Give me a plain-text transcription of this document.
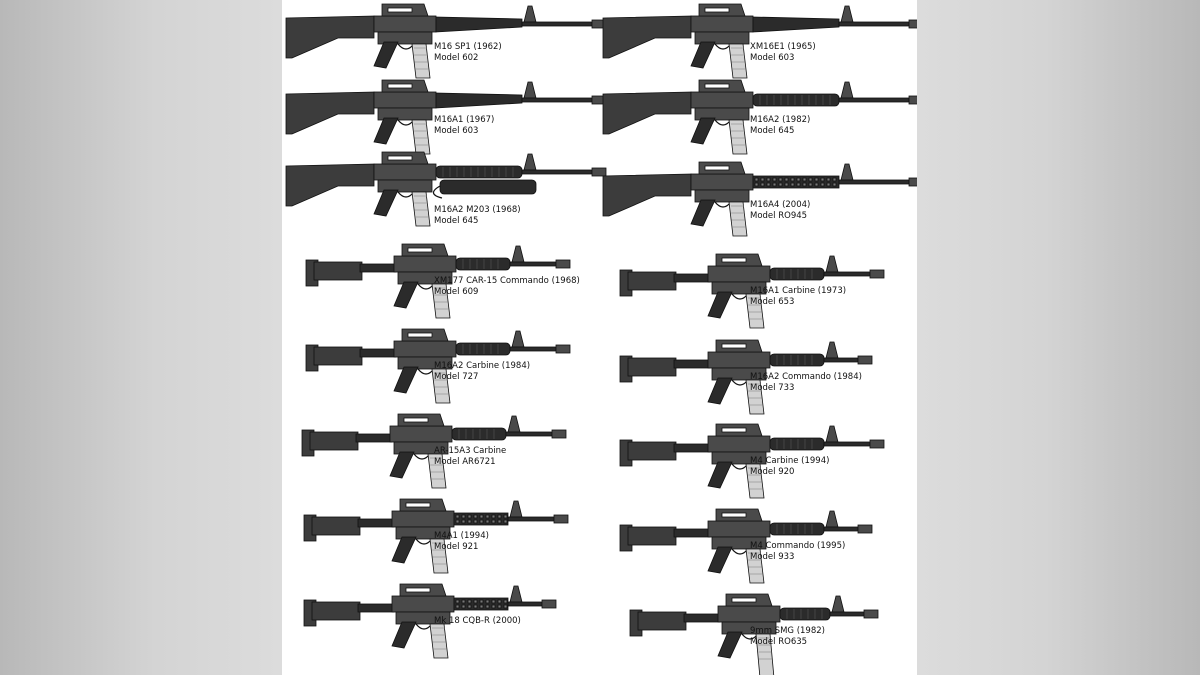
M16 SP1 (1962)
Model 602
M16A1 (1967)
Model 603
M16A2 M203 (1968)
Model 645
XM177 CAR-15 Commando (1968)
Model 609
M16A2 Carbine (1984)
Model 727
AR-15A3 Carbine
Model AR6721
M4A1 (1994)
Model 921
Mk 18 CQB-R (2000)
XM16E1 (1965)
Model 603
M16A2 (1982)
Model 645
M16A4 (2004)
Model RO945
M16A1 Carbine (1973)
Model 653
M16A2 Commando (1984)
Model 733
M4 Carbine (1994)
Model 920
M4 Commando (1995)
Model 933
9mm SMG (1982)
Model RO635
